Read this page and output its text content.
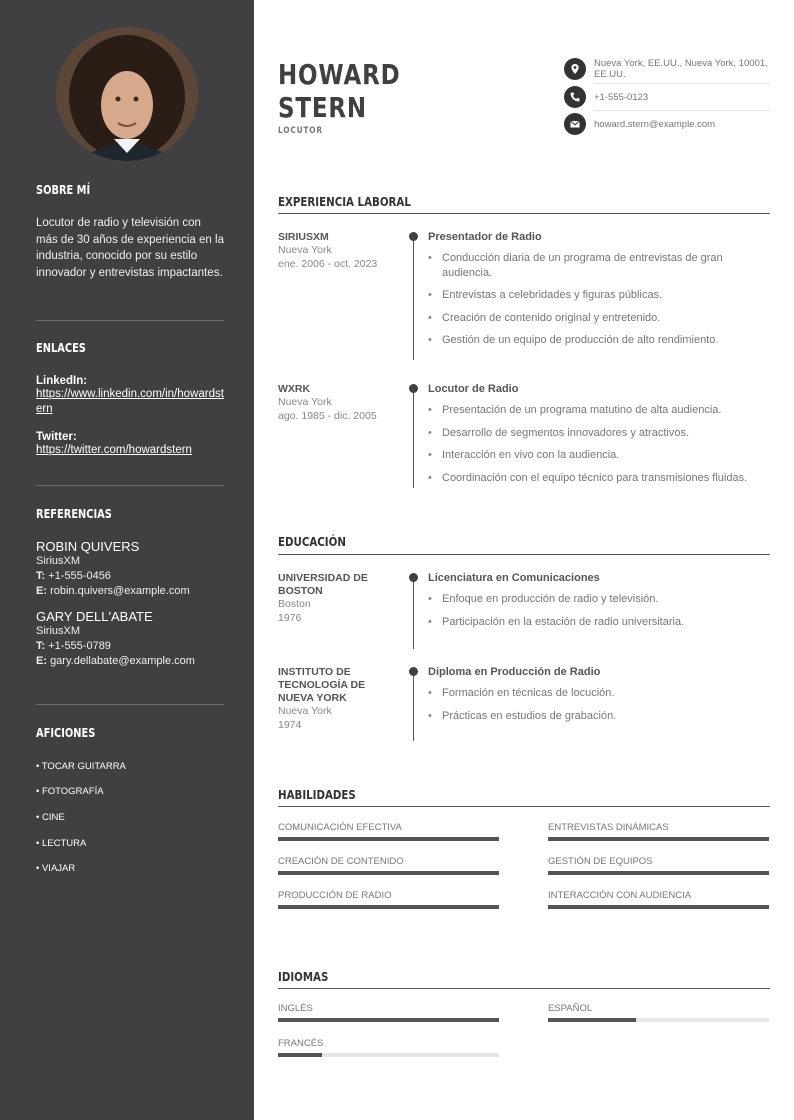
SOBRE MÍ
Locutor de radio y televisión con más de 30 años de experiencia en la industria, conocido por su estilo innovador y entrevistas impactantes.
ENLACES
LinkedIn:
https://www.linkedin.com/in/howardstern
Twitter:
https://twitter.com/howardstern
REFERENCIAS
ROBIN QUIVERS
SiriusXM
T: +1-555-0456
E: robin.quivers@example.com
GARY DELL'ABATE
SiriusXM
T: +1-555-0789
E: gary.dellabate@example.com
AFICIONES
• TOCAR GUITARRA
• FOTOGRAFÍA
• CINE
• LECTURA
• VIAJAR
HOWARD
STERN
LOCUTOR
Nueva York, EE.UU., Nueva York, 10001, EE.UU.
+1-555-0123
howard.stern@example.com
EXPERIENCIA LABORAL
SIRIUSXM
Nueva York
ene. 2006 - oct. 2023
Presentador de Radio
• Conducción diaria de un programa de entrevistas de gran audiencia.
• Entrevistas a celebridades y figuras públicas.
• Creación de contenido original y entretenido.
• Gestión de un equipo de producción de alto rendimiento.
WXRK
Nueva York
ago. 1985 - dic. 2005
Locutor de Radio
• Presentación de un programa matutino de alta audiencia.
• Desarrollo de segmentos innovadores y atractivos.
• Interacción en vivo con la audiencia.
• Coordinación con el equipo técnico para transmisiones fluidas.
EDUCACIÓN
UNIVERSIDAD DE BOSTON
Boston
1976
Licenciatura en Comunicaciones
• Enfoque en producción de radio y televisión.
• Participación en la estación de radio universitaria.
INSTITUTO DE TECNOLOGÍA DE NUEVA YORK
Nueva York
1974
Diploma en Producción de Radio
• Formación en técnicas de locución.
• Prácticas en estudios de grabación.
HABILIDADES
COMUNICACIÓN EFECTIVA	ENTREVISTAS DINÁMICAS
CREACIÓN DE CONTENIDO	GESTIÓN DE EQUIPOS
PRODUCCIÓN DE RADIO	INTERACCIÓN CON AUDIENCIA
IDIOMAS
INGLÉS	ESPAÑOL
FRANCÉS
